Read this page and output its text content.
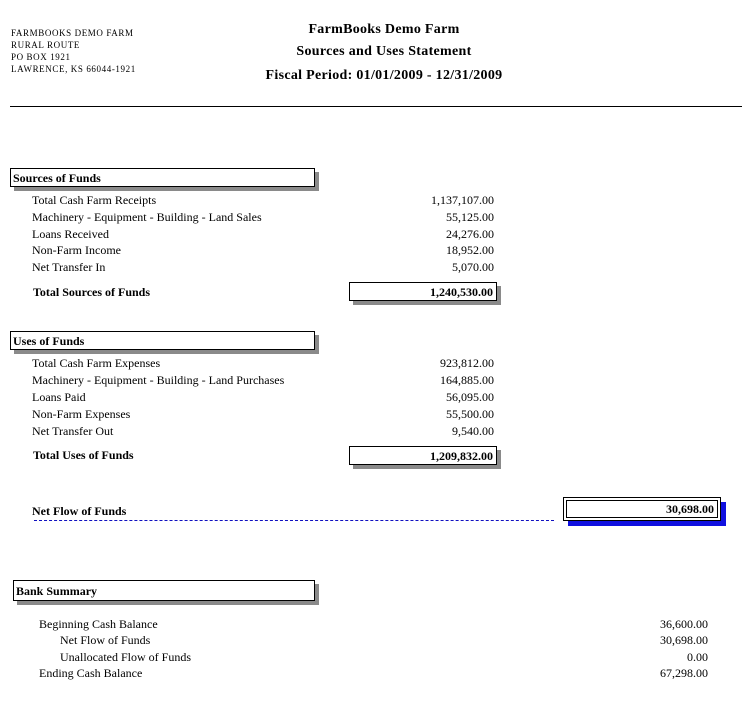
FARMBOOKS DEMO FARM
RURAL ROUTE
PO BOX 1921
LAWRENCE, KS 66044-1921
FarmBooks Demo Farm
Sources and Uses Statement
Fiscal Period: 01/01/2009 - 12/31/2009
Sources of Funds
Total Cash Farm Receipts	1,137,107.00
Machinery - Equipment - Building - Land Sales	55,125.00
Loans Received	24,276.00
Non-Farm Income	18,952.00
Net Transfer In	5,070.00
Total Sources of Funds	1,240,530.00
Uses of Funds
Total Cash Farm Expenses	923,812.00
Machinery - Equipment - Building - Land Purchases	164,885.00
Loans Paid	56,095.00
Non-Farm Expenses	55,500.00
Net Transfer Out	9,540.00
Total Uses of Funds	1,209,832.00
Net Flow of Funds	30,698.00
Bank Summary
Beginning Cash Balance	36,600.00
Net Flow of Funds	30,698.00
Unallocated Flow of Funds	0.00
Ending Cash Balance	67,298.00
